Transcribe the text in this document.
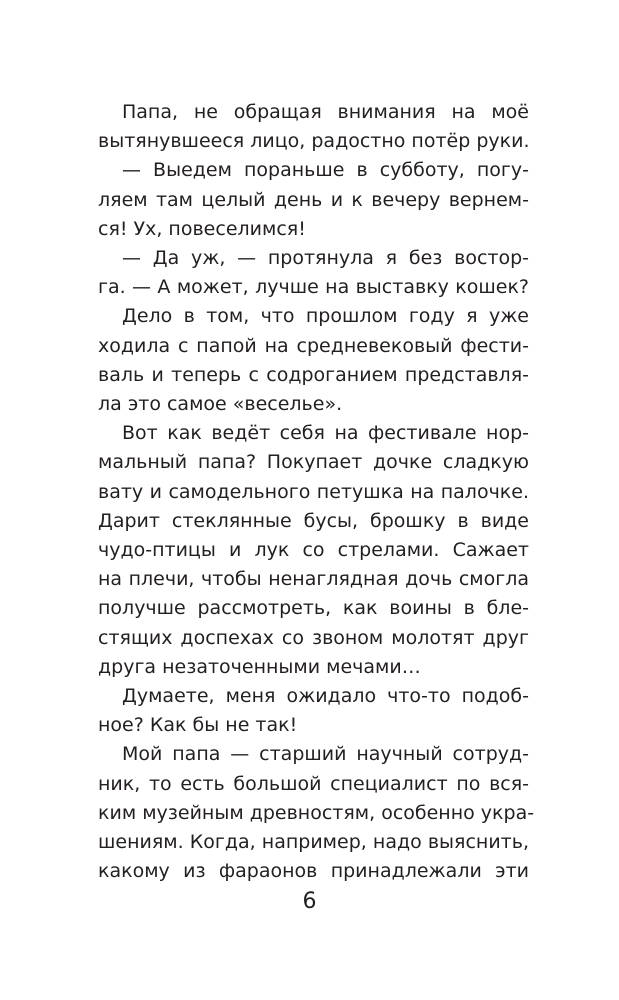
Папа, не обращая внимания на моё
вытянувшееся лицо, радостно потёр руки.
— Выедем пораньше в субботу, погу-
ляем там целый день и к вечеру вернем-
ся! Ух, повеселимся!
— Да уж, — протянула я без востор-
га. — А может, лучше на выставку кошек?
Дело в том, что прошлом году я уже
ходила с папой на средневековый фести-
валь и теперь с содроганием представля-
ла это самое «веселье».
Вот как ведёт себя на фестивале нор-
мальный папа? Покупает дочке сладкую
вату и самодельного петушка на палочке.
Дарит стеклянные бусы, брошку в виде
чудо-птицы и лук со стрелами. Сажает
на плечи, чтобы ненаглядная дочь смогла
получше рассмотреть, как воины в бле-
стящих доспехах со звоном молотят друг
друга незаточенными мечами…
Думаете, меня ожидало что-то подоб-
ное? Как бы не так!
Мой папа — старший научный сотруд-
ник, то есть большой специалист по вся-
ким музейным древностям, особенно укра-
шениям. Когда, например, надо выяснить,
какому из фараонов принадлежали эти
6
